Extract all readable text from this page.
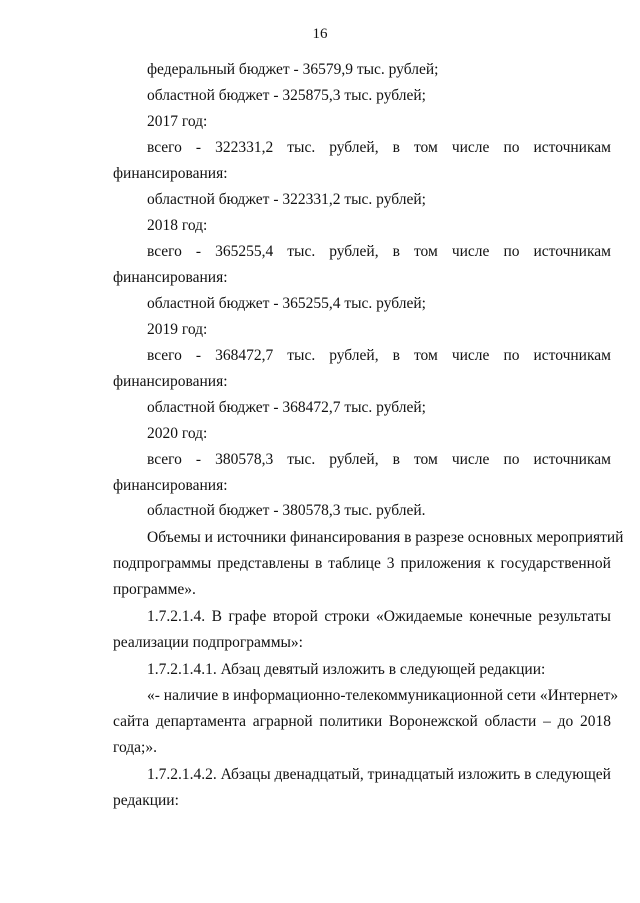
16
федеральный бюджет - 36579,9 тыс. рублей;
областной бюджет - 325875,3 тыс. рублей;
2017 год:
всего - 322331,2 тыс. рублей, в том числе по источникам
финансирования:
областной бюджет - 322331,2 тыс. рублей;
2018 год:
всего - 365255,4 тыс. рублей, в том числе по источникам
финансирования:
областной бюджет - 365255,4 тыс. рублей;
2019 год:
всего - 368472,7 тыс. рублей, в том числе по источникам
финансирования:
областной бюджет - 368472,7 тыс. рублей;
2020 год:
всего - 380578,3 тыс. рублей, в том числе по источникам
финансирования:
областной бюджет - 380578,3 тыс. рублей.
Объемы и источники финансирования в разрезе основных мероприятий
подпрограммы представлены в таблице 3 приложения к государственной
программе».
1.7.2.1.4. В графе второй строки «Ожидаемые конечные результаты
реализации подпрограммы»:
1.7.2.1.4.1. Абзац девятый изложить в следующей редакции:
«- наличие в информационно-телекоммуникационной сети «Интернет»
сайта департамента аграрной политики Воронежской области – до 2018
года;».
1.7.2.1.4.2. Абзацы двенадцатый, тринадцатый изложить в следующей
редакции:
